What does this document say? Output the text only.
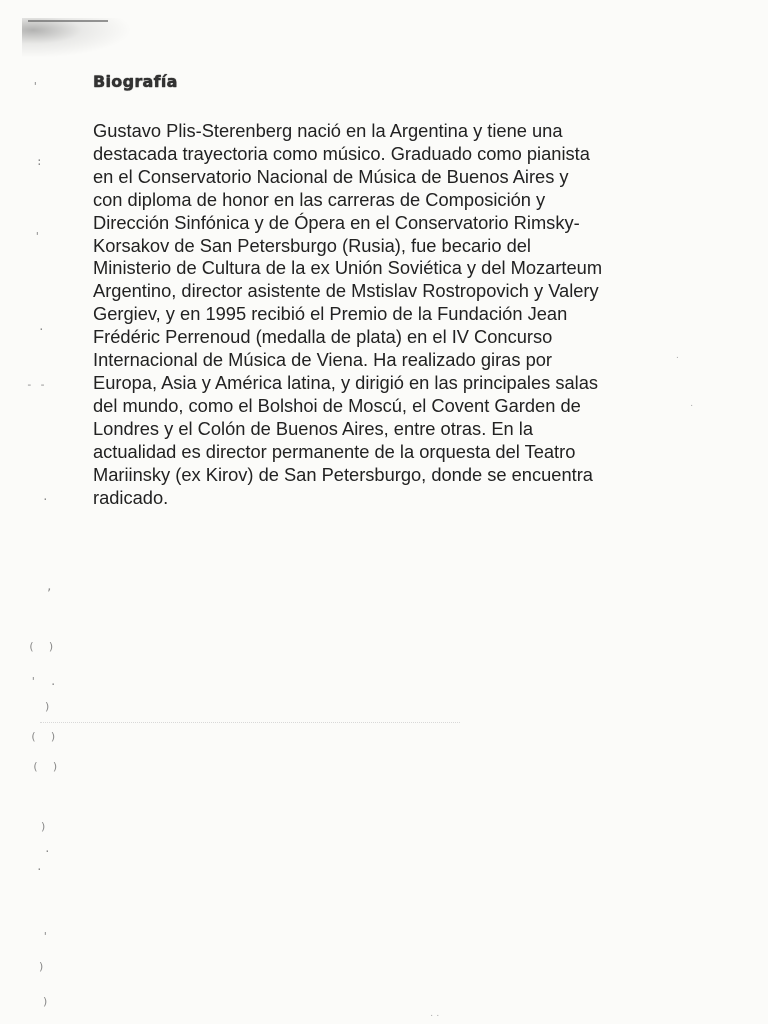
'
:
'
.
- -
.
,
(  )
'  .
)
(  )
(  )
)
·
.
'
)
)
.
·
· ·
Biografía

Gustavo Plis-Sterenberg nació en la Argentina y tiene una
destacada trayectoria como músico. Graduado como pianista
en el Conservatorio Nacional de Música de Buenos Aires y
con diploma de honor en las carreras de Composición y
Dirección Sinfónica y de Ópera en el Conservatorio Rimsky-
Korsakov de San Petersburgo (Rusia), fue becario del
Ministerio de Cultura de la ex Unión Soviética y del Mozarteum
Argentino, director asistente de Mstislav Rostropovich y Valery
Gergiev, y en 1995 recibió el Premio de la Fundación Jean
Frédéric Perrenoud (medalla de plata) en el IV Concurso
Internacional de Música de Viena. Ha realizado giras por
Europa, Asia y América latina, y dirigió en las principales salas
del mundo, como el Bolshoi de Moscú, el Covent Garden de
Londres y el Colón de Buenos Aires, entre otras. En la
actualidad es director permanente de la orquesta del Teatro
Mariinsky (ex Kirov) de San Petersburgo, donde se encuentra
radicado.
